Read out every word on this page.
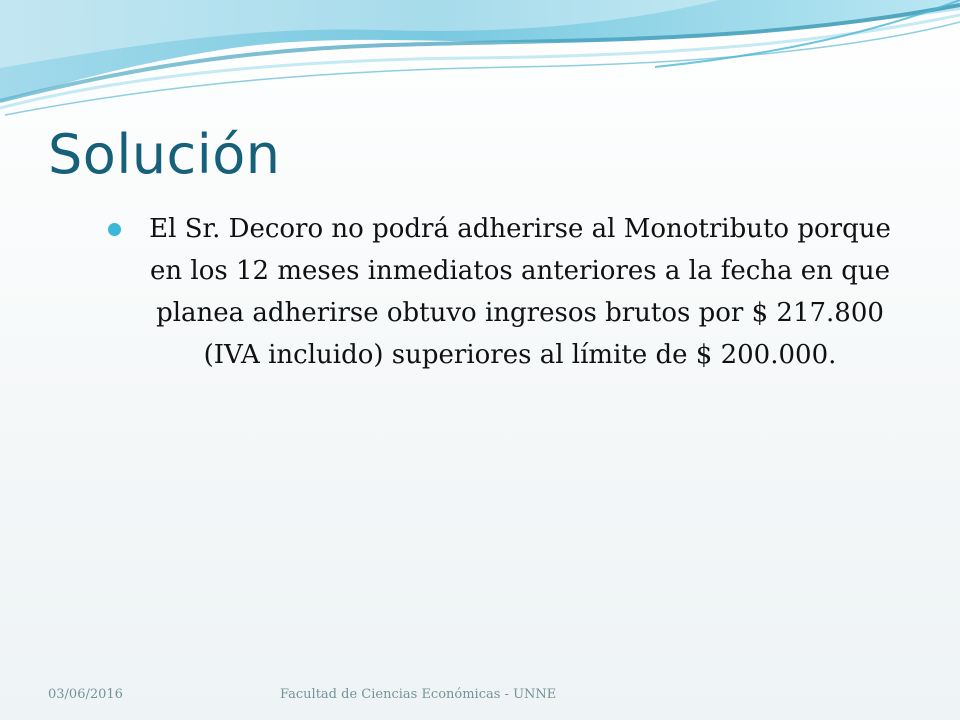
Solución
El Sr. Decoro no podrá adherirse al Monotributo porque en los 12 meses inmediatos anteriores a la fecha en que planea adherirse obtuvo ingresos brutos por $ 217.800 (IVA incluido) superiores al límite de $ 200.000.
03/06/2016	Facultad de Ciencias Económicas - UNNE
